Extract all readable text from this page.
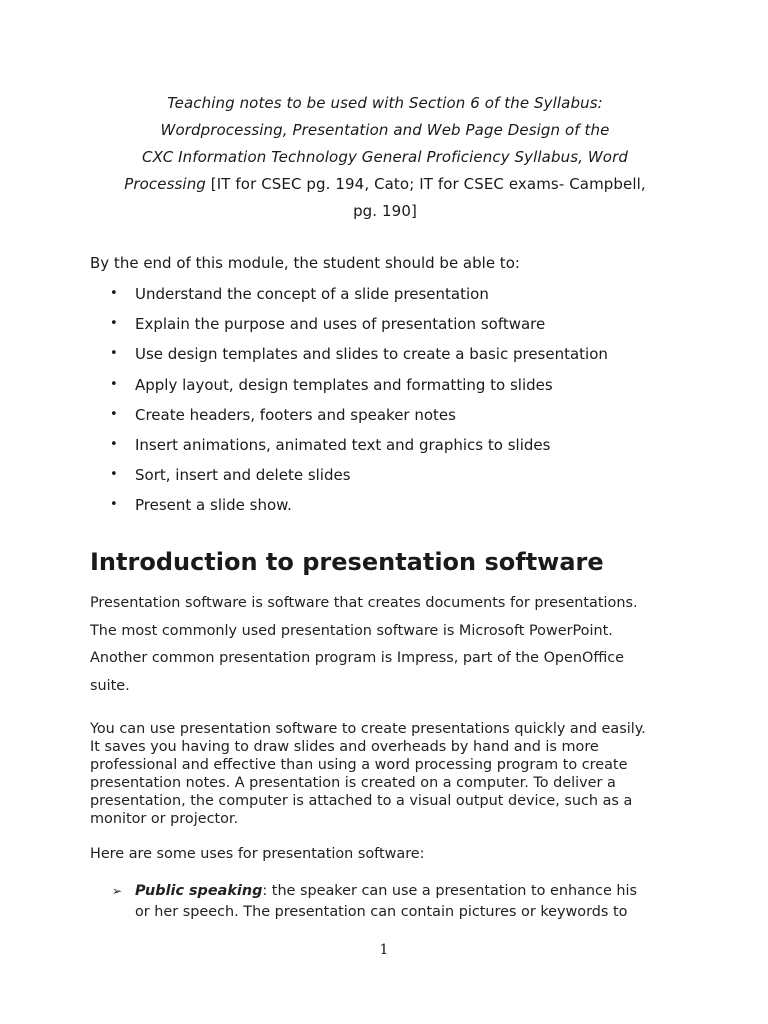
Teaching notes to be used with Section 6 of the Syllabus:
Wordprocessing, Presentation and Web Page Design of the
CXC Information Technology General Proficiency Syllabus, Word
Processing [IT for CSEC pg. 194, Cato; IT for CSEC exams- Campbell,
pg. 190]
By the end of this module, the student should be able to:
•	Understand the concept of a slide presentation
•	Explain the purpose and uses of presentation software
•	Use design templates and slides to create a basic presentation
•	Apply layout, design templates and formatting to slides
•	Create headers, footers and speaker notes
•	Insert animations, animated text and graphics to slides
•	Sort, insert and delete slides
•	Present a slide show.
Introduction to presentation software
Presentation software is software that creates documents for presentations.
The most commonly used presentation software is Microsoft PowerPoint.
Another common presentation program is Impress, part of the OpenOffice
suite.
You can use presentation software to create presentations quickly and easily.
It saves you having to draw slides and overheads by hand and is more
professional and effective than using a word processing program to create
presentation notes. A presentation is created on a computer. To deliver a
presentation, the computer is attached to a visual output device, such as a
monitor or projector.
Here are some uses for presentation software:
➢ Public speaking: the speaker can use a presentation to enhance his
or her speech. The presentation can contain pictures or keywords to
1
